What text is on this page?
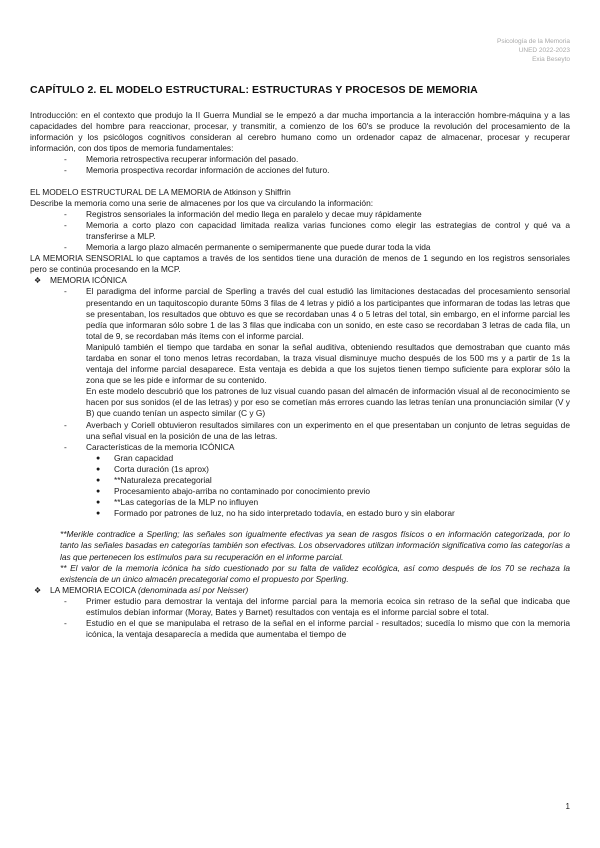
Psicología de la Memoria
UNED 2022-2023
Exia Beseyto
CAPÍTULO 2. EL MODELO ESTRUCTURAL: ESTRUCTURAS Y PROCESOS DE MEMORIA

Introducción: en el contexto que produjo la II Guerra Mundial se le empezó a dar mucha importancia a la interacción hombre-máquina y a las capacidades del hombre para reaccionar, procesar, y transmitir, a comienzo de los 60's se produce la revolución del procesamiento de la información y los psicólogos cognitivos consideran al cerebro humano como un ordenador capaz de almacenar, procesar y recuperar información, con dos tipos de memoria fundamentales:

- Memoria retrospectiva recuperar información del pasado.
- Memoria prospectiva recordar información de acciones del futuro.

EL MODELO ESTRUCTURAL DE LA MEMORIA de Atkinson y Shiffrin

Describe la memoria como una serie de almacenes por los que va circulando la información:

- Registros sensoriales la información del medio llega en paralelo y decae muy rápidamente
- Memoria a corto plazo con capacidad limitada realiza varias funciones como elegir las estrategias de control y qué va a transferirse a MLP.
- Memoria a largo plazo almacén permanente o semipermanente que puede durar toda la vida

LA MEMORIA SENSORIAL lo que captamos a través de los sentidos tiene una duración de menos de 1 segundo en los registros sensoriales pero se continúa procesando en la MCP.

❖ MEMORIA ICÓNICA
- El paradigma del informe parcial de Sperling a través del cual estudió las limitaciones destacadas del procesamiento sensorial presentando en un taquitoscopio durante 50ms 3 filas de 4 letras y pidió a los participantes que informaran de todas las letras que se presentaban, los resultados que obtuvo es que se recordaban unas 4 o 5 letras del total, sin embargo, en el informe parcial les pedía que informaran sólo sobre 1 de las 3 filas que indicaba con un sonido, en este caso se recordaban 3 letras de cada fila, un total de 9, se recordaban más ítems con el informe parcial.

Manipuló también el tiempo que tardaba en sonar la señal auditiva, obteniendo resultados que demostraban que cuanto más tardaba en sonar el tono menos letras recordaban, la traza visual disminuye mucho después de los 500 ms y a partir de 1s la ventaja del informe parcial desaparece. Esta ventaja es debida a que los sujetos tienen tiempo suficiente para explorar sólo la zona que se les pide e informar de su contenido.

En este modelo descubrió que los patrones de luz visual cuando pasan del almacén de información visual al de reconocimiento se hacen por sus sonidos (el de las letras) y por eso se cometían más errores cuando las letras tenían una pronunciación similar (V y B) que cuando tenían un aspecto similar (C y G)

- Averbach y Coriell obtuvieron resultados similares con un experimento en el que presentaban un conjunto de letras seguidas de una señal visual en la posición de una de las letras.
- Características de la memoria ICÓNICA
● Gran capacidad
● Corta duración (1s aprox)
● **Naturaleza precategorial
● Procesamiento abajo-arriba no contaminado por conocimiento previo
● **Las categorías de la MLP no influyen
● Formado por patrones de luz, no ha sido interpretado todavía, en estado buro y sin elaborar

**Merikle contradice a Sperling; las señales son igualmente efectivas ya sean de rasgos físicos o en información categorizada, por lo tanto las señales basadas en categorías también son efectivas. Los observadores utilizan información significativa como las categorías a las que pertenecen los estímulos para su recuperación en el informe parcial.

** El valor de la memoria icónica ha sido cuestionado por su falta de validez ecológica, así como después de los 70 se rechaza la existencia de un único almacén precategorial como el propuesto por Sperling.

❖ LA MEMORIA ECOICA (denominada así por Neisser)
- Primer estudio para demostrar la ventaja del informe parcial para la memoria ecoica sin retraso de la señal que indicaba que estímulos debían informar (Moray, Bates y Barnet) resultados con ventaja es el informe parcial sobre el total.
- Estudio en el que se manipulaba el retraso de la señal en el informe parcial - resultados; sucedía lo mismo que con la memoria icónica, la ventaja desaparecía a medida que aumentaba el tiempo de
1
